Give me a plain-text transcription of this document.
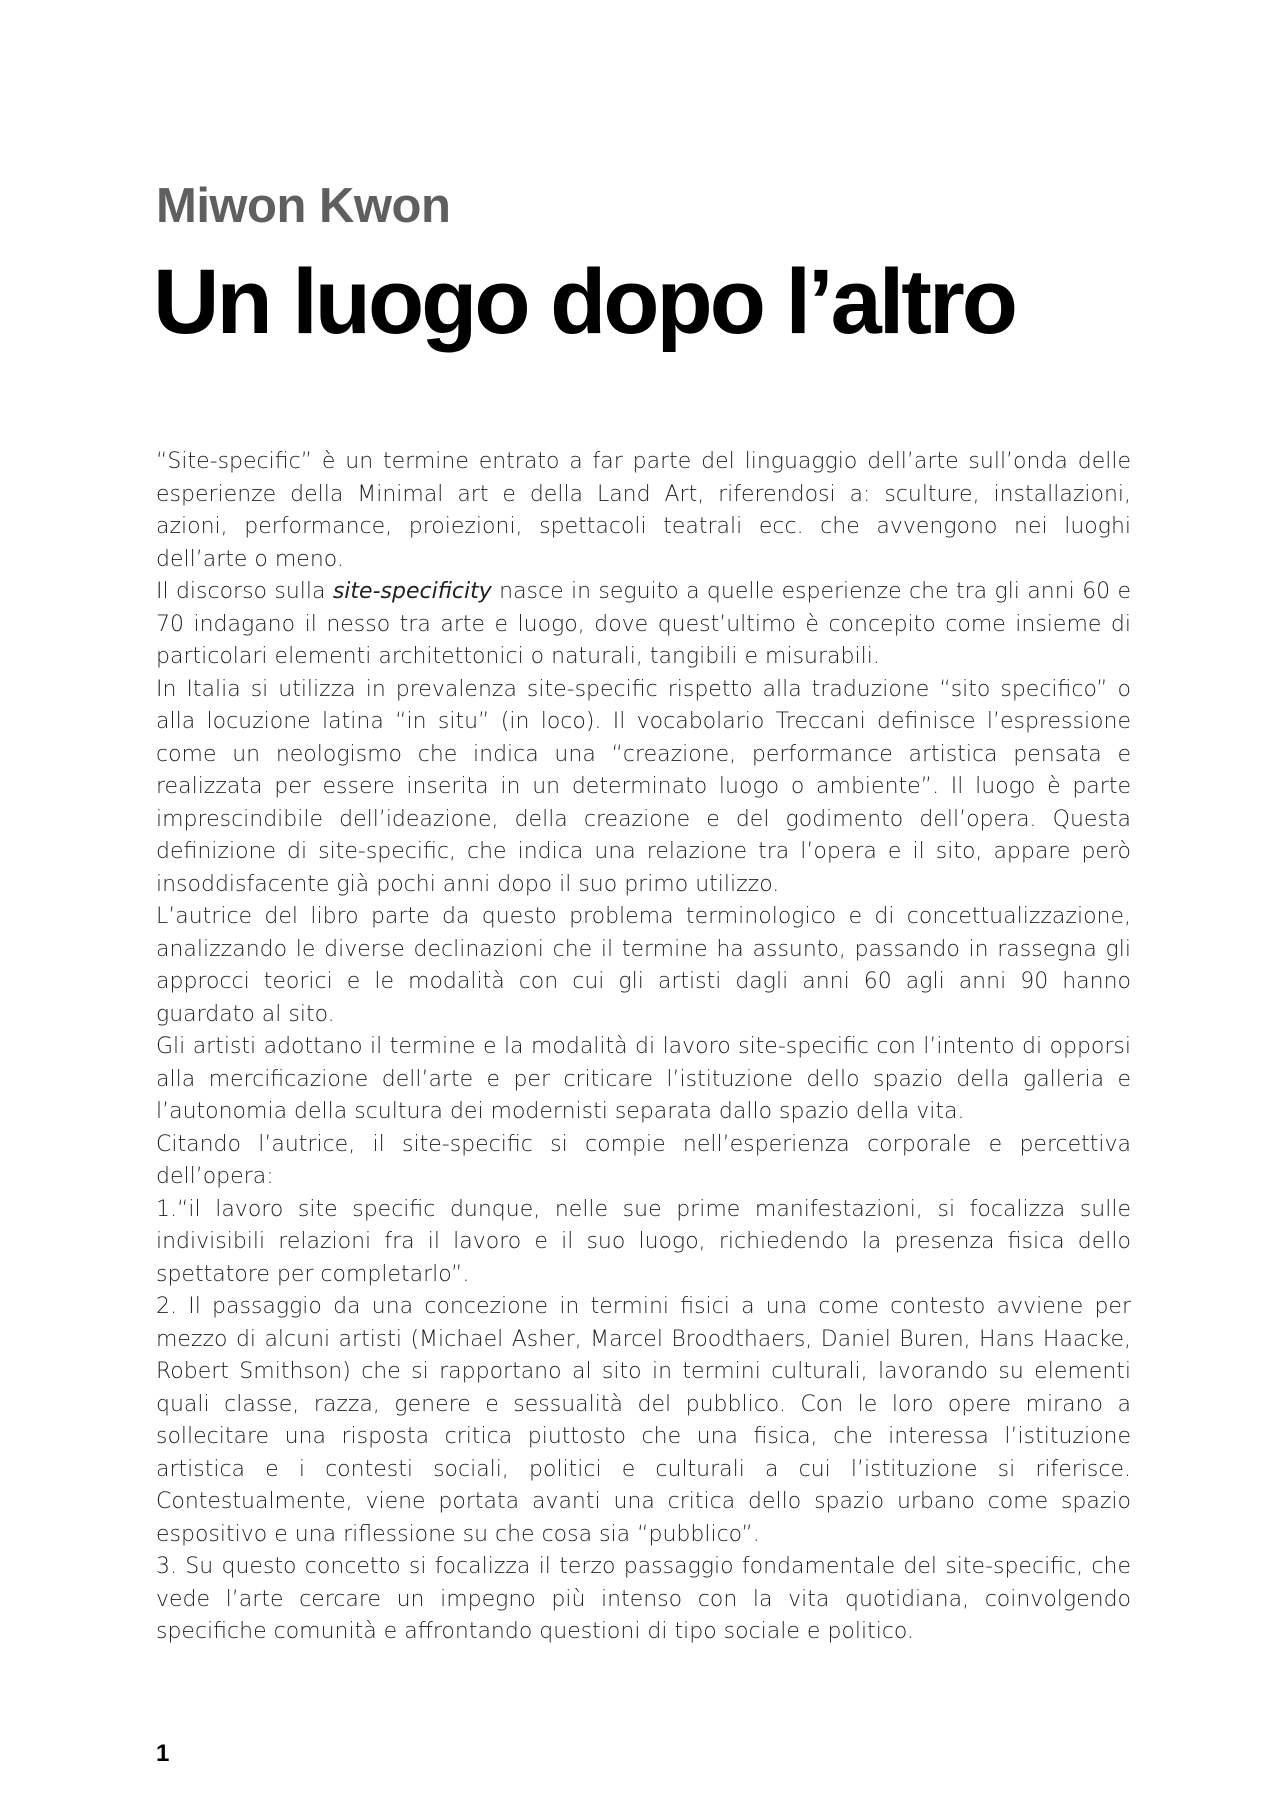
Miwon Kwon
Un luogo dopo l’altro

“Site-specific” è un termine entrato a far parte del linguaggio dell’arte sull’onda delle esperienze della Minimal art e della Land Art, riferendosi a: sculture, installazioni, azioni, performance, proiezioni, spettacoli teatrali ecc. che avvengono nei luoghi dell’arte o meno.

Il discorso sulla site-specificity nasce in seguito a quelle esperienze che tra gli anni 60 e 70 indagano il nesso tra arte e luogo, dove quest’ultimo è concepito come insieme di particolari elementi architettonici o naturali, tangibili e misurabili.

In Italia si utilizza in prevalenza site-specific rispetto alla traduzione “sito specifico” o alla locuzione latina “in situ” (in loco). Il vocabolario Treccani definisce l’espressione come un neologismo che indica una “creazione, performance artistica pensata e realizzata per essere inserita in un determinato luogo o ambiente”. Il luogo è parte imprescindibile dell’ideazione, della creazione e del godimento dell’opera. Questa definizione di site-specific, che indica una relazione tra l’opera e il sito, appare però insoddisfacente già pochi anni dopo il suo primo utilizzo.

L’autrice del libro parte da questo problema terminologico e di concettualizzazione, analizzando le diverse declinazioni che il termine ha assunto, passando in rassegna gli approcci teorici e le modalità con cui gli artisti dagli anni 60 agli anni 90 hanno guardato al sito.

Gli artisti adottano il termine e la modalità di lavoro site-specific con l’intento di opporsi alla mercificazione dell’arte e per criticare l’istituzione dello spazio della galleria e l’autonomia della scultura dei modernisti separata dallo spazio della vita.

Citando l’autrice, il site-specific si compie nell’esperienza corporale e percettiva dell’opera:

1.“il lavoro site specific dunque, nelle sue prime manifestazioni, si focalizza sulle indivisibili relazioni fra il lavoro e il suo luogo, richiedendo la presenza fisica dello spettatore per completarlo”.

2. Il passaggio da una concezione in termini fisici a una come contesto avviene per mezzo di alcuni artisti (Michael Asher, Marcel Broodthaers, Daniel Buren, Hans Haacke, Robert Smithson) che si rapportano al sito in termini culturali, lavorando su elementi quali classe, razza, genere e sessualità del pubblico. Con le loro opere mirano a sollecitare una risposta critica piuttosto che una fisica, che interessa l’istituzione artistica e i contesti sociali, politici e culturali a cui l’istituzione si riferisce. Contestualmente, viene portata avanti una critica dello spazio urbano come spazio espositivo e una riflessione su che cosa sia “pubblico”.

3. Su questo concetto si focalizza il terzo passaggio fondamentale del site-specific, che vede l’arte cercare un impegno più intenso con la vita quotidiana, coinvolgendo specifiche comunità e affrontando questioni di tipo sociale e politico.

1
